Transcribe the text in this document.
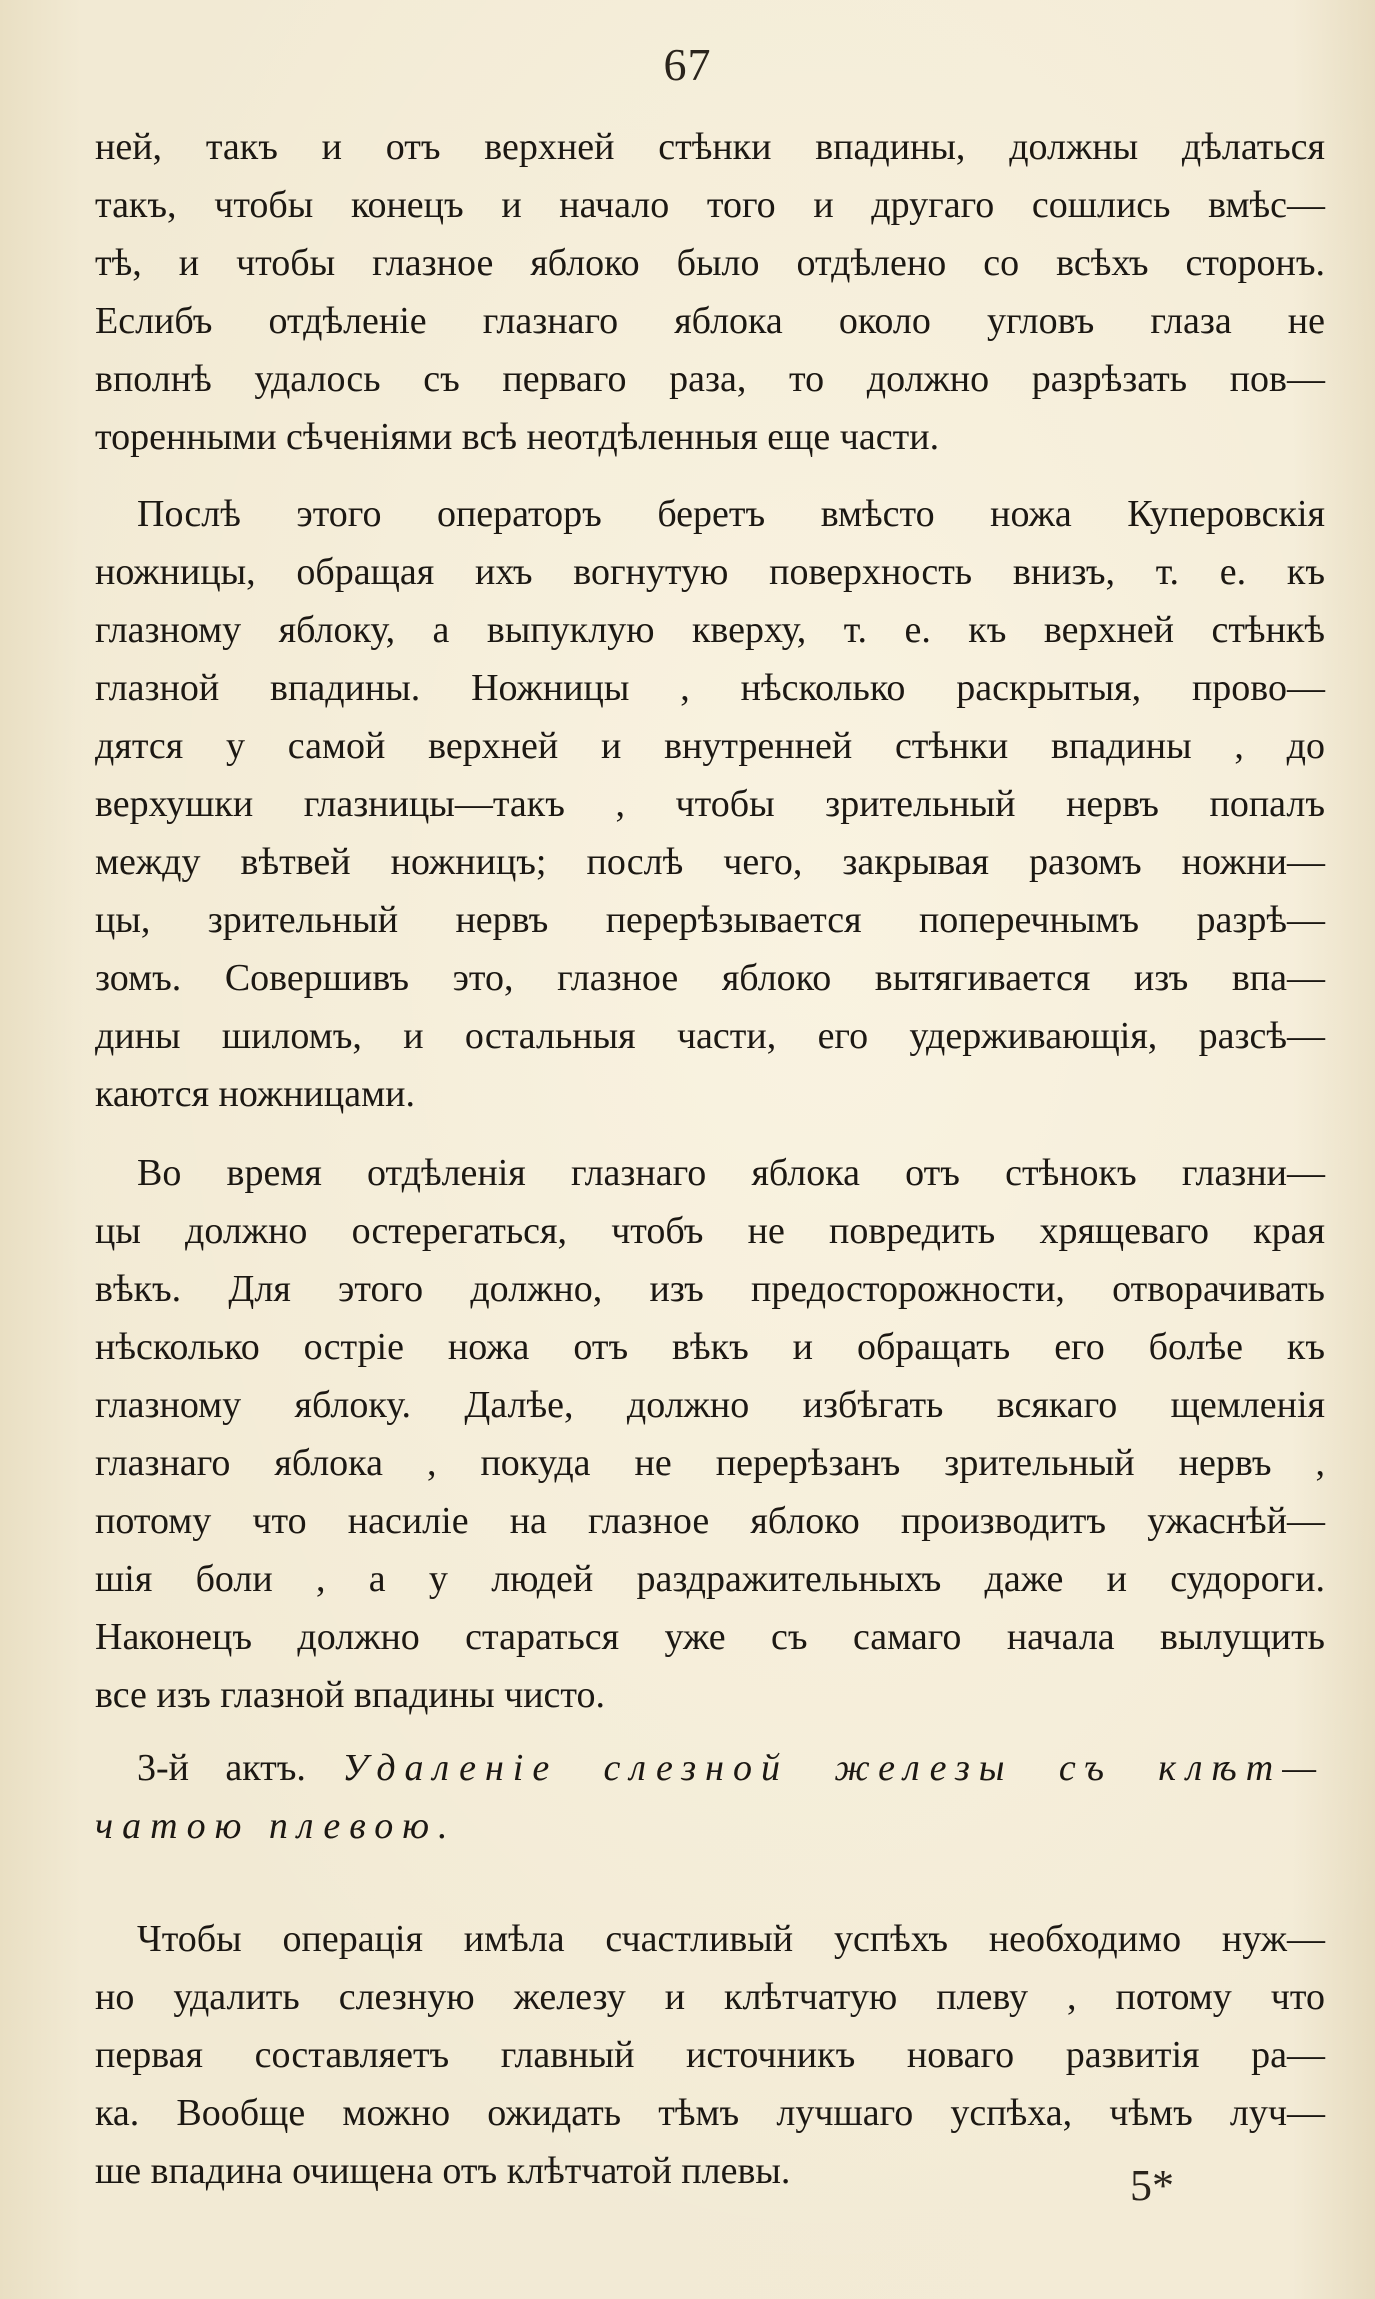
67
ней, такъ и отъ верхней стѣнки впадины, должны дѣлаться
такъ, чтобы конецъ и начало того и другаго сошлись вмѣс—
тѣ, и чтобы глазное яблоко было отдѣлено со всѣхъ сторонъ.
Еслибъ отдѣленіе глазнаго яблока около угловъ глаза не
вполнѣ удалось съ перваго раза, то должно разрѣзать пов—
торенными сѣченіями всѣ неотдѣленныя еще части.
Послѣ этого операторъ беретъ вмѣсто ножа Куперовскія
ножницы, обращая ихъ вогнутую поверхность внизъ, т. е. къ
глазному яблоку, а выпуклую кверху, т. е. къ верхней стѣнкѣ
глазной впадины. Ножницы , нѣсколько раскрытыя, прово—
дятся у самой верхней и внутренней стѣнки впадины , до
верхушки глазницы—такъ , чтобы зрительный нервъ попалъ
между вѣтвей ножницъ; послѣ чего, закрывая разомъ ножни—
цы, зрительный нервъ перерѣзывается поперечнымъ разрѣ—
зомъ. Совершивъ это, глазное яблоко вытягивается изъ впа—
дины шиломъ, и остальныя части, его удерживающія, разсѣ—
каются ножницами.
Во время отдѣленія глазнаго яблока отъ стѣнокъ глазни—
цы должно остерегаться, чтобъ не повредить хрящеваго края
вѣкъ. Для этого должно, изъ предосторожности, отворачивать
нѣсколько остріе ножа отъ вѣкъ и обращать его болѣе къ
глазному яблоку. Далѣе, должно избѣгать всякаго щемленія
глазнаго яблока , покуда не перерѣзанъ зрительный нервъ ,
потому что насиліе на глазное яблоко производитъ ужаснѣй—
шія боли , а у людей раздражительныхъ даже и судороги.
Наконецъ должно стараться уже съ самаго начала вылущить
все изъ глазной впадины чисто.
3-й актъ. Удаленіе слезной железы съ клѣт—
чатою плевою.
Чтобы операція имѣла счастливый успѣхъ необходимо нуж—
но удалить слезную железу и клѣтчатую плеву , потому что
первая составляетъ главный источникъ новаго развитія ра—
ка. Вообще можно ожидать тѣмъ лучшаго успѣха, чѣмъ луч—
ше впадина очищена отъ клѣтчатой плевы.	5*
